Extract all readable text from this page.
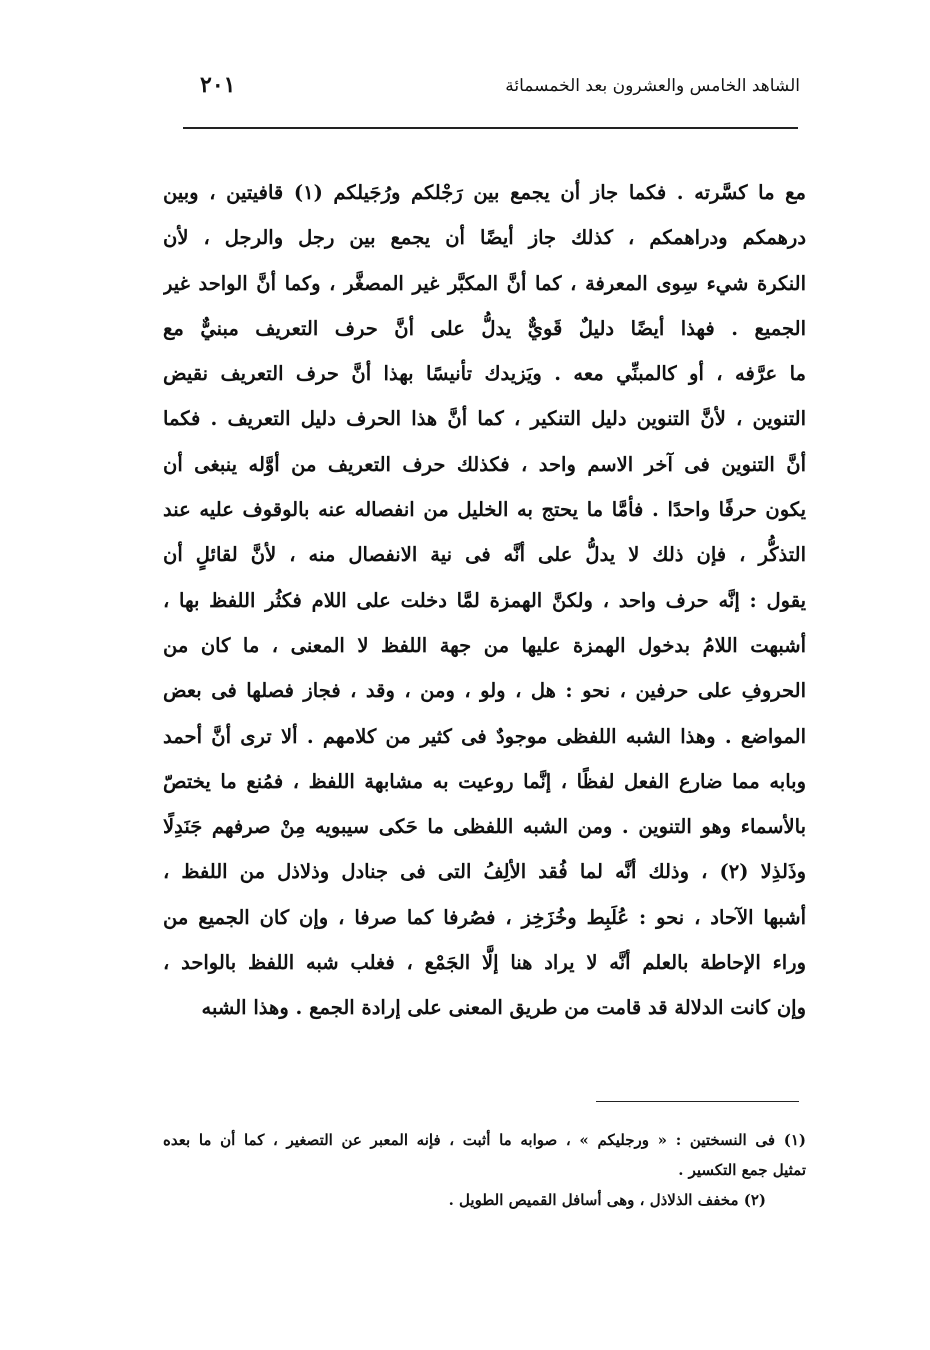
٢٠١	الشاهد الخامس والعشرون بعد الخمسمائة
مع ما كسَّرته . فكما جاز أن يجمع بين رَجْلكم ورُجَيلكم (١) قافيتين ، وبين
درهمكم ودراهمكم ، كذلك جاز أيضًا أن يجمع بين رجل والرجل ، لأن
النكرة شيء سِوى المعرفة ، كما أنَّ المكبَّر غير المصغَّر ، وكما أنَّ الواحد غير
الجميع . فهذا أيضًا دليلٌ قَويٌّ يدلُّ على أنَّ حرف التعريف مبنيٌّ مع
ما عرَّفه ، أو كالمبنِّي معه . ويَزيدك تأنيسًا بهذا أنَّ حرف التعريف نقيض
التنوين ، لأنَّ التنوين دليل التنكير ، كما أنَّ هذا الحرف دليل التعريف . فكما
أنَّ التنوين فى آخر الاسم واحد ، فكذلك حرف التعريف من أوَّله ينبغى أن
يكون حرفًا واحدًا . فأمَّا ما يحتج به الخليل من انفصاله عنه بالوقوف عليه عند
التذكُّر ، فإن ذلك لا يدلُّ على أنَّه فى نية الانفصال منه ، لأنَّ لقائلٍ أن
يقول : إنَّه حرف واحد ، ولكنَّ الهمزة لمَّا دخلت على اللام فكثُر اللفظ بها ،
أشبهت اللامُ بدخول الهمزة عليها من جهة اللفظ لا المعنى ، ما كان من
الحروفِ على حرفين ، نحو : هل ، ولو ، ومن ، وقد ، فجاز فصلها فى بعض
المواضع . وهذا الشبه اللفظى موجودٌ فى كثير من كلامهم . ألا ترى أنَّ أحمد
وبابه مما ضارع الفعل لفظًا ، إنَّما روعيت به مشابهة اللفظ ، فمُنع ما يختصّ
بالأسماء وهو التنوين . ومن الشبه اللفظى ما حَكى سيبويه مِنْ صرفهم جَنَدِلًا
وذَلذِلا (٢) ، وذلك أنَّه لما فُقد الألِفُ التى فى جنادل وذلاذل من اللفظ ،
أشبها الآحاد ، نحو : عُلَبِط وخُزَخِز ، فصُرفا كما صرفا ، وإن كان الجميع من
وراء الإحاطة بالعلم أنَّه لا يراد هنا إلَّا الجَمْع ، فغلب شبه اللفظ بالواحد ،
وإن كانت الدلالة قد قامت من طريق المعنى على إرادة الجمع . وهذا الشبه
(١) فى النسختين : « ورجليكم » ، صوابه ما أثبت ، فإنه المعبر عن التصغير ، كما أن ما بعده
تمثيل جمع التكسير .
(٢) مخفف الذلاذل ، وهى أسافل القميص الطويل .
